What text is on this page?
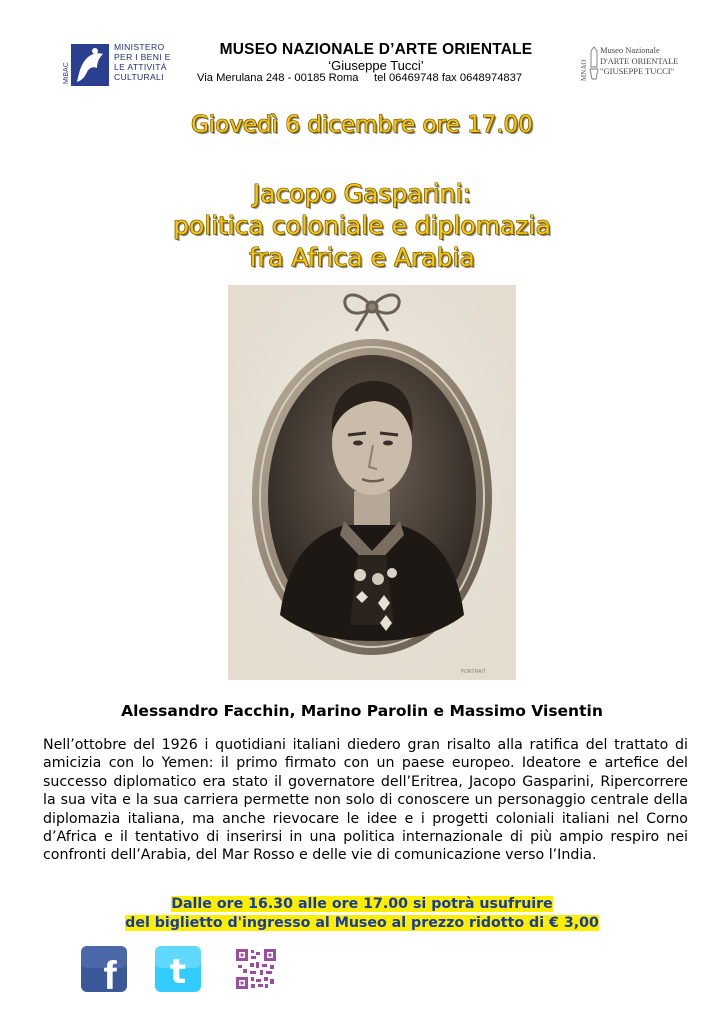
MiBAC
MINISTERO
PER I BENI E
LE ATTIVITÀ
CULTURALI
MUSEO NAZIONALE D’ARTE ORIENTALE
‘Giuseppe Tucci’
Via Merulana 248 - 00185 Roma     tel 06469748 fax 0648974837	MNAO
Museo Nazionale
D'ARTE ORIENTALE
"GIUSEPPE TUCCI"
Giovedì 6 dicembre ore 17.00
Jacopo Gasparini:
politica coloniale e diplomazia
fra Africa e Arabia
PORTRAIT
Alessandro Facchin, Marino Parolin e Massimo Visentin

Nell’ottobre del 1926 i quotidiani italiani diedero gran risalto alla ratifica del trattato di amicizia con lo Yemen: il primo firmato con un paese europeo. Ideatore e artefice del successo diplomatico era stato il governatore dell’Eritrea, Jacopo Gasparini, Ripercorrere la sua vita e la sua carriera permette non solo di conoscere un personaggio centrale della diplomazia italiana, ma anche rievocare le idee e i progetti coloniali italiani nel Corno d’Africa e il tentativo di inserirsi in una politica internazionale di più ampio respiro nei confronti dell’Arabia, del Mar Rosso e delle vie di comunicazione verso l’India.

Dalle ore 16.30 alle ore 17.00 si potrà usufruire
del biglietto d'ingresso al Museo al prezzo ridotto di € 3,00
f t
